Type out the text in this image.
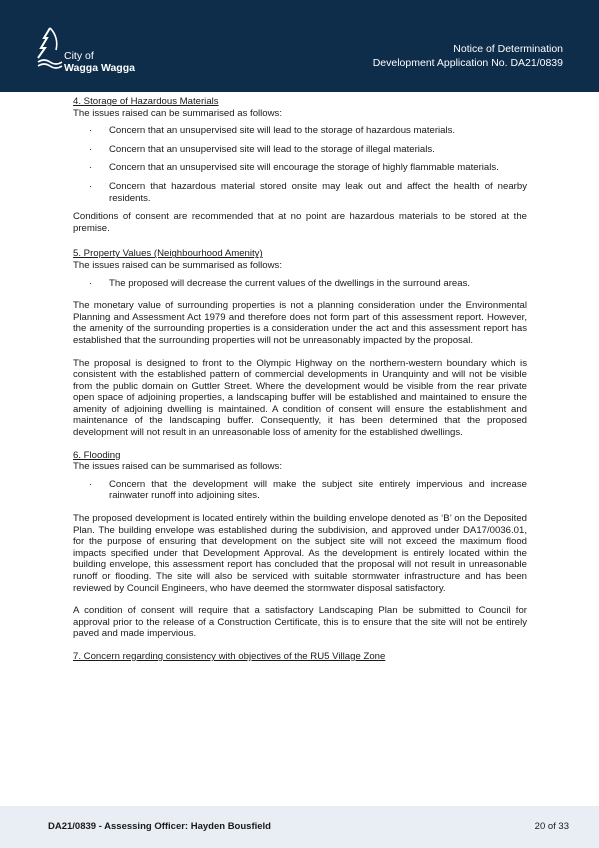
City of
Wagga Wagga
Notice of Determination
Development Application No. DA21/0839

4. Storage of Hazardous Materials

The issues raised can be summarised as follows:

· Concern that an unsupervised site will lead to the storage of hazardous materials.
· Concern that an unsupervised site will lead to the storage of illegal materials.
· Concern that an unsupervised site will encourage the storage of highly flammable materials.
· Concern that hazardous material stored onsite may leak out and affect the health of nearby residents.

Conditions of consent are recommended that at no point are hazardous materials to be stored at the premise.

5. Property Values (Neighbourhood Amenity)

The issues raised can be summarised as follows:

· The proposed will decrease the current values of the dwellings in the surround areas.

The monetary value of surrounding properties is not a planning consideration under the Environmental Planning and Assessment Act 1979 and therefore does not form part of this assessment report. However, the amenity of the surrounding properties is a consideration under the act and this assessment report has established that the surrounding properties will not be unreasonably impacted by the proposal.

The proposal is designed to front to the Olympic Highway on the northern-western boundary which is consistent with the established pattern of commercial developments in Uranquinty and will not be visible from the public domain on Guttler Street. Where the development would be visible from the rear private open space of adjoining properties, a landscaping buffer will be established and maintained to ensure the amenity of adjoining dwelling is maintained. A condition of consent will ensure the establishment and maintenance of the landscaping buffer. Consequently, it has been determined that the proposed development will not result in an unreasonable loss of amenity for the established dwellings.

6. Flooding

The issues raised can be summarised as follows:

· Concern that the development will make the subject site entirely impervious and increase rainwater runoff into adjoining sites.

The proposed development is located entirely within the building envelope denoted as ‘B’ on the Deposited Plan. The building envelope was established during the subdivision, and approved under DA17/0036.01, for the purpose of ensuring that development on the subject site will not exceed the maximum flood impacts specified under that Development Approval. As the development is entirely located within the building envelope, this assessment report has concluded that the proposal will not result in unreasonable runoff or flooding. The site will also be serviced with suitable stormwater infrastructure and has been reviewed by Council Engineers, who have deemed the stormwater disposal satisfactory.

A condition of consent will require that a satisfactory Landscaping Plan be submitted to Council for approval prior to the release of a Construction Certificate, this is to ensure that the site will not be entirely paved and made impervious.

7. Concern regarding consistency with objectives of the RU5 Village Zone

DA21/0839 - Assessing Officer: Hayden Bousfield	20 of 33
